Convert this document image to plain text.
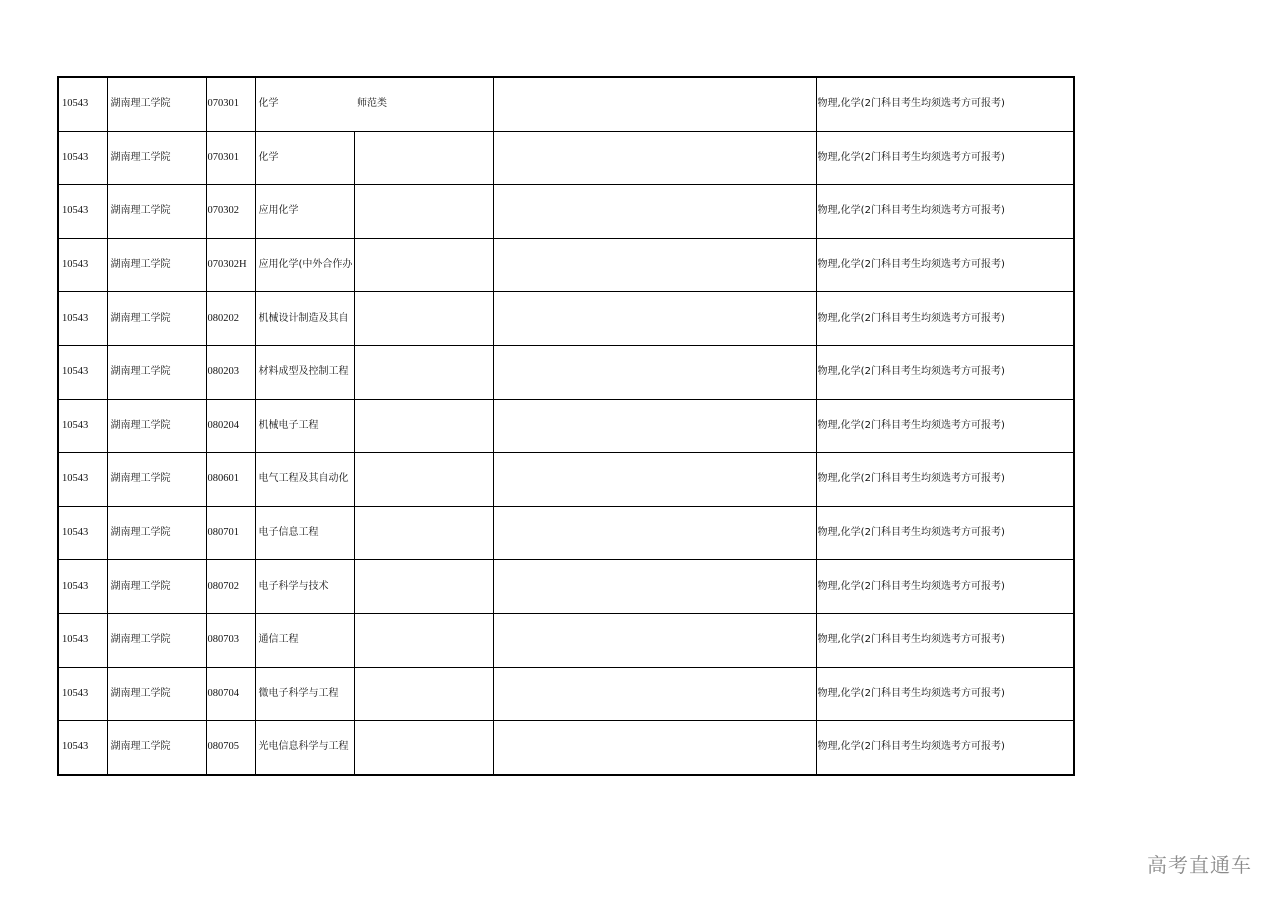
10543	湖南理工学院	070301	化学	师范类		物理,化学(2门科目考生均须选考方可报考)
10543	湖南理工学院	070301	化学			物理,化学(2门科目考生均须选考方可报考)
10543	湖南理工学院	070302	应用化学			物理,化学(2门科目考生均须选考方可报考)
10543	湖南理工学院	070302H	应用化学(中外合作办			物理,化学(2门科目考生均须选考方可报考)
10543	湖南理工学院	080202	机械设计制造及其自			物理,化学(2门科目考生均须选考方可报考)
10543	湖南理工学院	080203	材料成型及控制工程			物理,化学(2门科目考生均须选考方可报考)
10543	湖南理工学院	080204	机械电子工程			物理,化学(2门科目考生均须选考方可报考)
10543	湖南理工学院	080601	电气工程及其自动化			物理,化学(2门科目考生均须选考方可报考)
10543	湖南理工学院	080701	电子信息工程			物理,化学(2门科目考生均须选考方可报考)
10543	湖南理工学院	080702	电子科学与技术			物理,化学(2门科目考生均须选考方可报考)
10543	湖南理工学院	080703	通信工程			物理,化学(2门科目考生均须选考方可报考)
10543	湖南理工学院	080704	微电子科学与工程			物理,化学(2门科目考生均须选考方可报考)
10543	湖南理工学院	080705	光电信息科学与工程			物理,化学(2门科目考生均须选考方可报考)
高考直通车
